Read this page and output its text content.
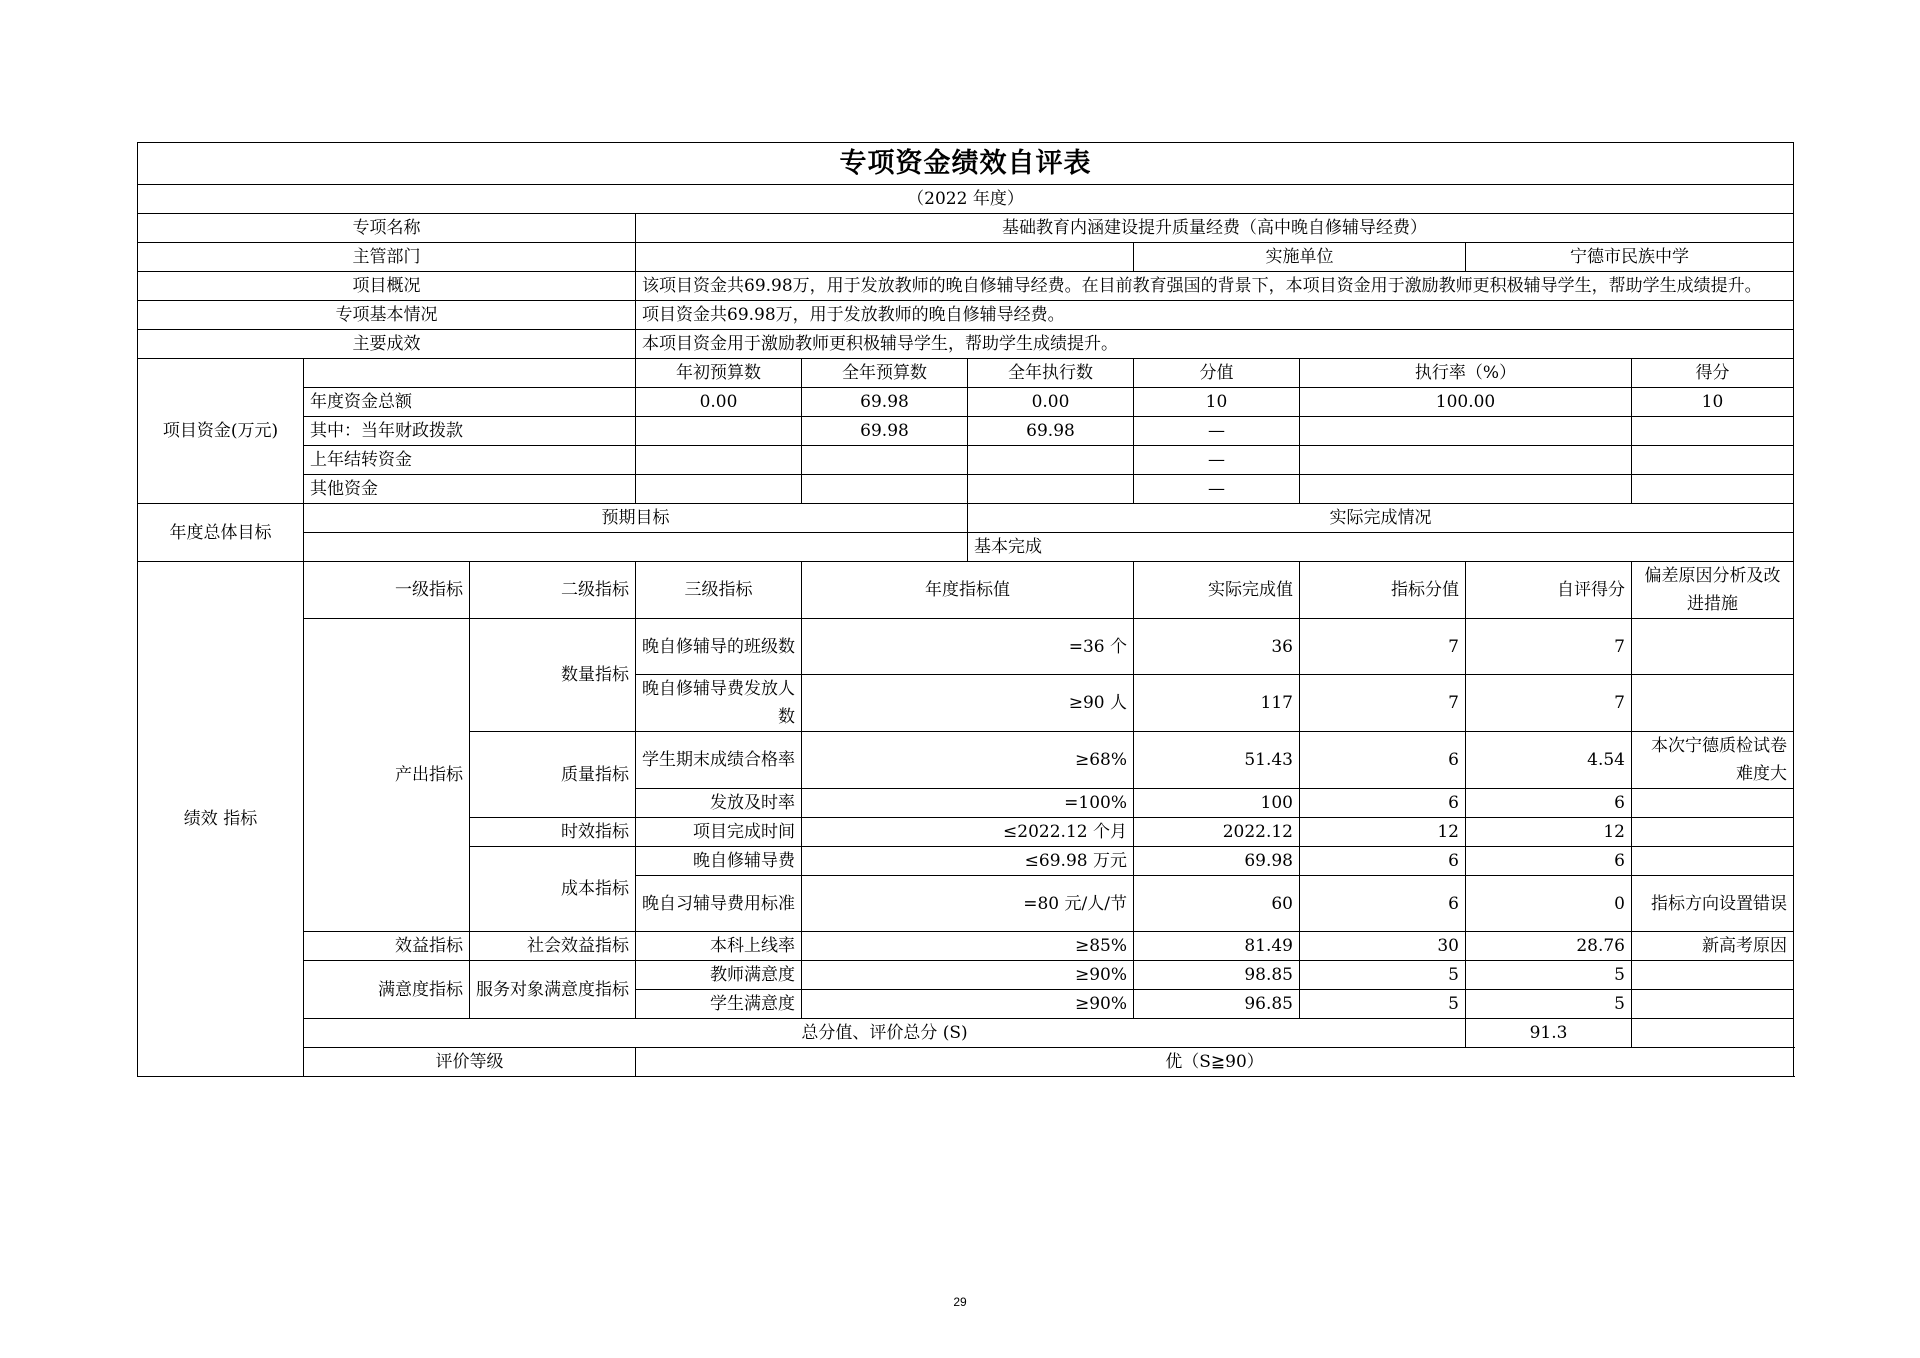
专项资金绩效自评表									
（2022 年度）									
专项名称			基础教育内涵建设提升质量经费（高中晚自修辅导经费）						
主管部门						实施单位		宁德市民族中学	
项目概况			该项目资金共69.98万，用于发放教师的晚自修辅导经费。在目前教育强国的背景下，本项目资金用于激励教师更积极辅导学生，帮助学生成绩提升。						
专项基本情况			项目资金共69.98万，用于发放教师的晚自修辅导经费。						
主要成效			本项目资金用于激励教师更积极辅导学生，帮助学生成绩提升。						
项目资金(万元)			年初预算数	全年预算数	全年执行数	分值	执行率（%）		得分
	年度资金总额		0.00	69.98	0.00	10	100.00		10
	其中：当年财政拨款			69.98	69.98	—			
	上年结转资金					—			
	其他资金					—			
年度总体目标	预期目标				实际完成情况				
					基本完成				
绩效 指标	一级指标	二级指标	三级指标	年度指标值		实际完成值	指标分值	自评得分	偏差原因分析及改进措施
	产出指标	数量指标	晚自修辅导的班级数	=36 个		36	7	7	
			晚自修辅导费发放人数	≥90 人		117	7	7	
		质量指标	学生期末成绩合格率	≥68%		51.43	6	4.54	本次宁德质检试卷难度大
			发放及时率	=100%		100	6	6	
		时效指标	项目完成时间	≤2022.12 个月		2022.12	12	12	
		成本指标	晚自修辅导费	≤69.98 万元		69.98	6	6	
			晚自习辅导费用标准	=80 元/人/节		60	6	0	指标方向设置错误
	效益指标	社会效益指标	本科上线率	≥85%		81.49	30	28.76	新高考原因
	满意度指标	服务对象满意度指标	教师满意度	≥90%		98.85	5	5	
			学生满意度	≥90%		96.85	5	5	
	总分值、评价总分 (S)							91.3	
	评价等级		优（S≧90）						
29
